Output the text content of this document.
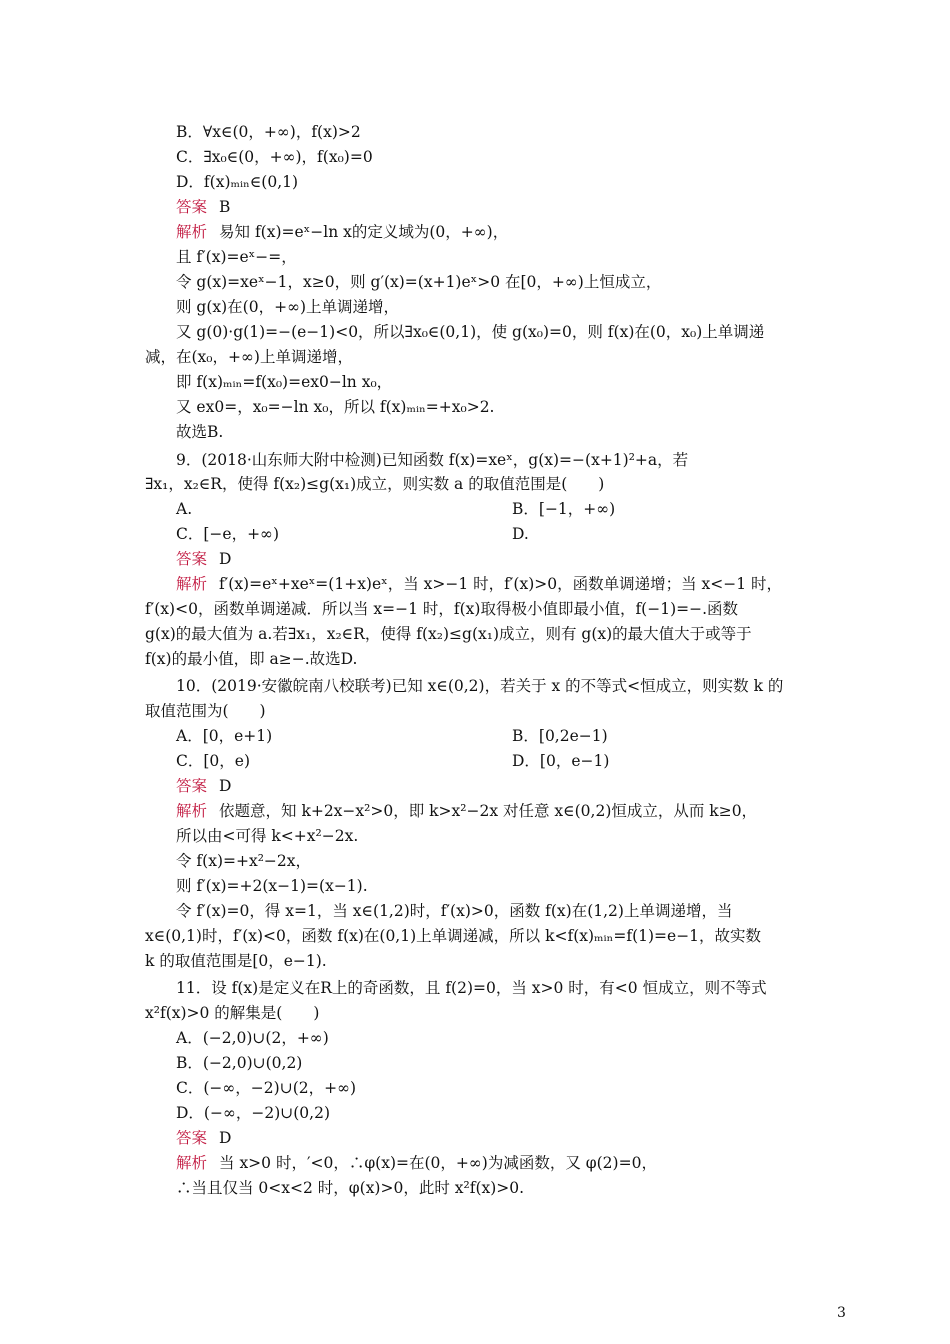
B．∀x∈(0，+∞)，f(x)>2
C．∃x₀∈(0，+∞)，f(x₀)=0
D．f(x)ₘᵢₙ∈(0,1)
答案 B
解析 易知 f(x)=eˣ−ln x的定义域为(0，+∞)，
且 f′(x)=eˣ−=，
令 g(x)=xeˣ−1，x≥0，则 g′(x)=(x+1)eˣ>0 在[0，+∞)上恒成立，
则 g(x)在(0，+∞)上单调递增，
又 g(0)·g(1)=−(e−1)<0，所以∃x₀∈(0,1)，使 g(x₀)=0，则 f(x)在(0，x₀)上单调递
减，在(x₀，+∞)上单调递增，
即 f(x)ₘᵢₙ=f(x₀)=ex0−ln x₀，
又 ex0=，x₀=−ln x₀，所以 f(x)ₘᵢₙ=+x₀>2.
故选B.
9．(2018·山东师大附中检测)已知函数 f(x)=xeˣ，g(x)=−(x+1)²+a，若
∃x₁，x₂∈R，使得 f(x₂)≤g(x₁)成立，则实数 a 的取值范围是(　　)
A.	B．[−1，+∞)
C．[−e，+∞)	D.
答案 D
解析 f′(x)=eˣ+xeˣ=(1+x)eˣ，当 x>−1 时，f′(x)>0，函数单调递增；当 x<−1 时，
f′(x)<0，函数单调递减．所以当 x=−1 时，f(x)取得极小值即最小值，f(−1)=−.函数
g(x)的最大值为 a.若∃x₁，x₂∈R，使得 f(x₂)≤g(x₁)成立，则有 g(x)的最大值大于或等于
f(x)的最小值，即 a≥−.故选D.
10．(2019·安徽皖南八校联考)已知 x∈(0,2)，若关于 x 的不等式<恒成立，则实数 k 的
取值范围为(　　)
A．[0，e+1)	B．[0,2e−1)
C．[0，e)	D．[0，e−1)
答案 D
解析 依题意，知 k+2x−x²>0，即 k>x²−2x 对任意 x∈(0,2)恒成立，从而 k≥0，
所以由<可得 k<+x²−2x.
令 f(x)=+x²−2x，
则 f′(x)=+2(x−1)=(x−1).
令 f′(x)=0，得 x=1，当 x∈(1,2)时，f′(x)>0，函数 f(x)在(1,2)上单调递增，当
x∈(0,1)时，f′(x)<0，函数 f(x)在(0,1)上单调递减，所以 k<f(x)ₘᵢₙ=f(1)=e−1，故实数
k 的取值范围是[0，e−1).
11．设 f(x)是定义在R上的奇函数，且 f(2)=0，当 x>0 时，有<0 恒成立，则不等式
x²f(x)>0 的解集是(　　)
A．(−2,0)∪(2，+∞)
B．(−2,0)∪(0,2)
C．(−∞，−2)∪(2，+∞)
D．(−∞，−2)∪(0,2)
答案 D
解析 当 x>0 时，′<0，∴φ(x)=在(0，+∞)为减函数，又 φ(2)=0，
∴当且仅当 0<x<2 时，φ(x)>0，此时 x²f(x)>0.
3
